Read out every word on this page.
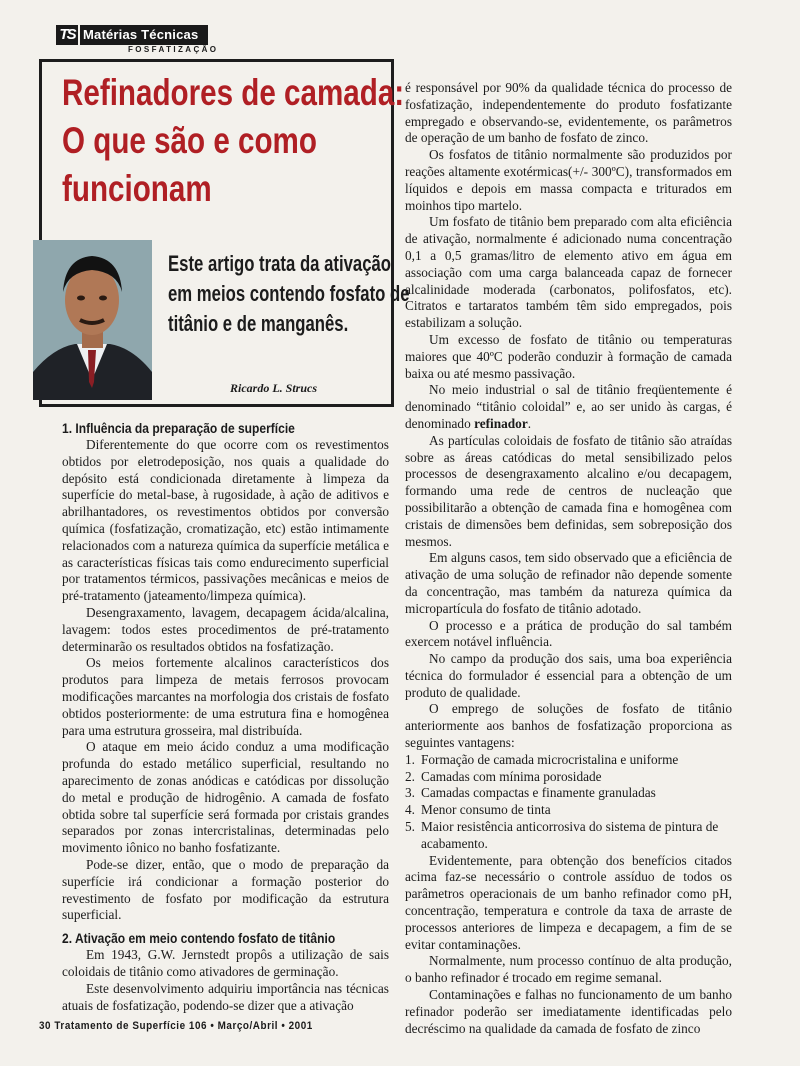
TS Matérias Técnicas
FOSFATIZAÇÃO
Refinadores de camada:
O que são e como
funcionam
Este artigo trata da ativação
em meios contendo fosfato de
titânio e de manganês.
Ricardo L. Strucs
1. Influência da preparação de superfície

Diferentemente do que ocorre com os revestimentos obtidos por eletrodeposição, nos quais a qualidade do depósito está condicionada diretamente à limpeza da superfície do metal-base, à rugosidade, à ação de aditivos e abrilhantadores, os revestimentos obtidos por conversão química (fosfatização, cromatização, etc) estão intimamente relacionados com a natureza química da superfície metálica e as características físicas tais como endurecimento superficial por tratamentos térmicos, passivações mecânicas e meios de pré-tratamento (jateamento/limpeza química).

Desengraxamento, lavagem, decapagem ácida/alcalina, lavagem: todos estes procedimentos de pré-tratamento determinarão os resultados obtidos na fosfatização.

Os meios fortemente alcalinos característicos dos produtos para limpeza de metais ferrosos provocam modificações marcantes na morfologia dos cristais de fosfato obtidos posteriormente: de uma estrutura fina e homogênea para uma estrutura grosseira, mal distribuída.

O ataque em meio ácido conduz a uma modificação profunda do estado metálico superficial, resultando no aparecimento de zonas anódicas e catódicas por dissolução do metal e produção de hidrogênio. A camada de fosfato obtida sobre tal superfície será formada por cristais grandes separados por zonas intercristalinas, determinadas pelo movimento iônico no banho fosfatizante.

Pode-se dizer, então, que o modo de preparação da superfície irá condicionar a formação posterior do revestimento de fosfato por modificação da estrutura superficial.

2. Ativação em meio contendo fosfato de titânio

Em 1943, G.W. Jernstedt propôs a utilização de sais coloidais de titânio como ativadores de germinação.

Este desenvolvimento adquiriu importância nas técnicas atuais de fosfatização, podendo-se dizer que a ativação

é responsável por 90% da qualidade técnica do processo de fosfatização, independentemente do produto fosfatizante empregado e observando-se, evidentemente, os parâmetros de operação de um banho de fosfato de zinco.

Os fosfatos de titânio normalmente são produzidos por reações altamente exotérmicas(+/- 300ºC), transformados em líquidos e depois em massa compacta e triturados em moinhos tipo martelo.

Um fosfato de titânio bem preparado com alta eficiência de ativação, normalmente é adicionado numa concentração 0,1 a 0,5 gramas/litro de elemento ativo em água em associação com uma carga balanceada capaz de fornecer alcalinidade moderada (carbonatos, polifosfatos, etc). Citratos e tartaratos também têm sido empregados, pois estabilizam a solução.

Um excesso de fosfato de titânio ou temperaturas maiores que 40ºC poderão conduzir à formação de camada baixa ou até mesmo passivação.

No meio industrial o sal de titânio freqüentemente é denominado “titânio coloidal” e, ao ser unido às cargas, é denominado refinador.

As partículas coloidais de fosfato de titânio são atraídas sobre as áreas catódicas do metal sensibilizado pelos processos de desengraxamento alcalino e/ou decapagem, formando uma rede de centros de nucleação que possibilitarão a obtenção de camada fina e homogênea com cristais de dimensões bem definidas, sem sobreposição dos mesmos.

Em alguns casos, tem sido observado que a eficiência de ativação de uma solução de refinador não depende somente da concentração, mas também da natureza química da micropartícula do fosfato de titânio adotado.

O processo e a prática de produção do sal também exercem notável influência.

No campo da produção dos sais, uma boa experiência técnica do formulador é essencial para a obtenção de um produto de qualidade.

O emprego de soluções de fosfato de titânio anteriormente aos banhos de fosfatização proporciona as seguintes vantagens:

1. Formação de camada microcristalina e uniforme
2. Camadas com mínima porosidade
3. Camadas compactas e finamente granuladas
4. Menor consumo de tinta
5. Maior resistência anticorrosiva do sistema de pintura de acabamento.

Evidentemente, para obtenção dos benefícios citados acima faz-se necessário o controle assíduo de todos os parâmetros operacionais de um banho refinador como pH, concentração, temperatura e controle da taxa de arraste de processos anteriores de limpeza e decapagem, a fim de se evitar contaminações.

Normalmente, num processo contínuo de alta produção, o banho refinador é trocado em regime semanal.

Contaminações e falhas no funcionamento de um banho refinador poderão ser imediatamente identificadas pelo decréscimo na qualidade da camada de fosfato de zinco

30 Tratamento de Superfície 106 • Março/Abril • 2001
